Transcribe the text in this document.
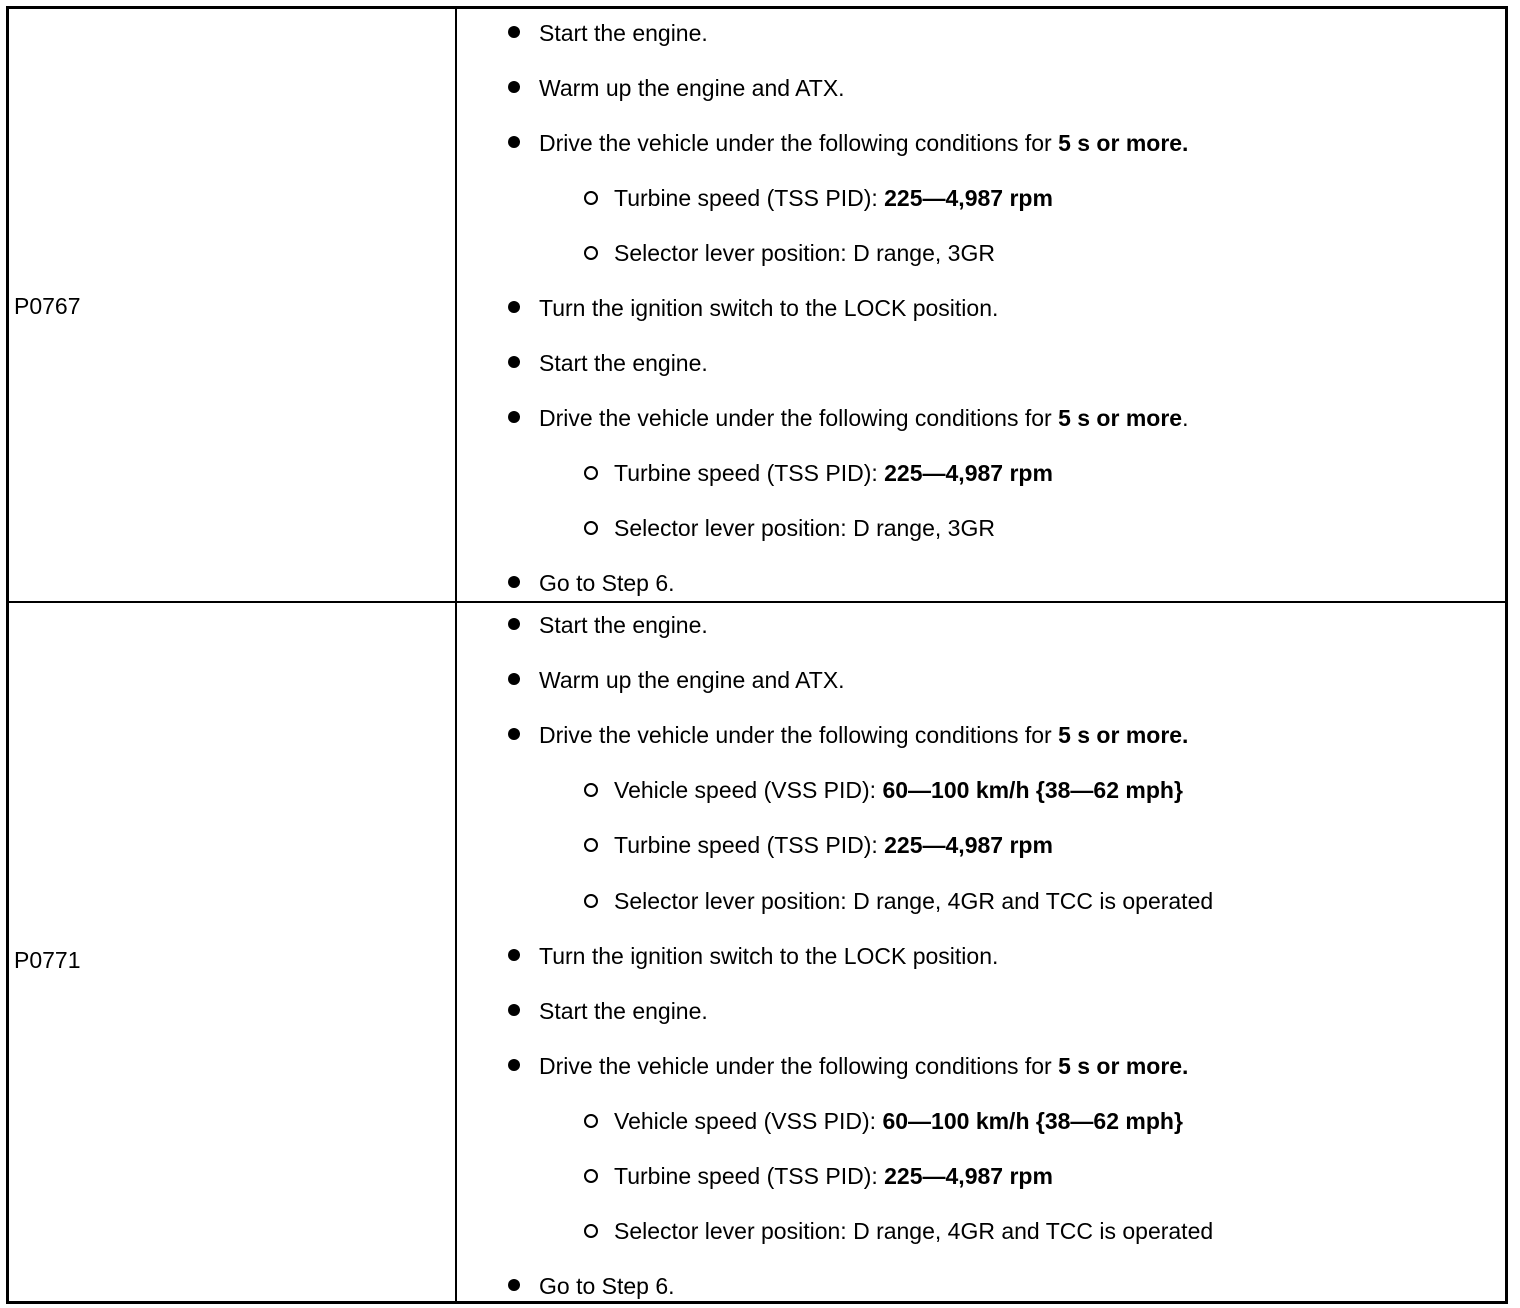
P0767
Start the engine.
Warm up the engine and ATX.
Drive the vehicle under the following conditions for 5 s or more.
Turbine speed (TSS PID): 225—4,987 rpm
Selector lever position: D range, 3GR
Turn the ignition switch to the LOCK position.
Start the engine.
Drive the vehicle under the following conditions for 5 s or more.
Turbine speed (TSS PID): 225—4,987 rpm
Selector lever position: D range, 3GR
Go to Step 6.
P0771
Start the engine.
Warm up the engine and ATX.
Drive the vehicle under the following conditions for 5 s or more.
Vehicle speed (VSS PID): 60—100 km/h {38—62 mph}
Turbine speed (TSS PID): 225—4,987 rpm
Selector lever position: D range, 4GR and TCC is operated
Turn the ignition switch to the LOCK position.
Start the engine.
Drive the vehicle under the following conditions for 5 s or more.
Vehicle speed (VSS PID): 60—100 km/h {38—62 mph}
Turbine speed (TSS PID): 225—4,987 rpm
Selector lever position: D range, 4GR and TCC is operated
Go to Step 6.
